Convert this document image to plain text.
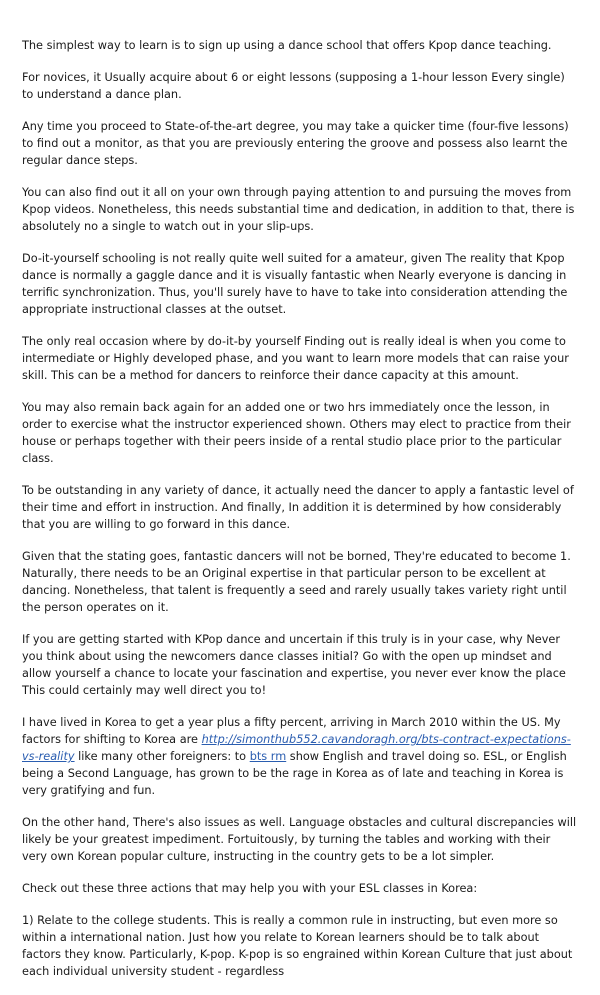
The simplest way to learn is to sign up using a dance school that offers Kpop dance teaching.

For novices, it Usually acquire about 6 or eight lessons (supposing a 1-hour lesson Every single) to understand a dance plan.

Any time you proceed to State-of-the-art degree, you may take a quicker time (four-five lessons) to find out a monitor, as that you are previously entering the groove and possess also learnt the regular dance steps.

You can also find out it all on your own through paying attention to and pursuing the moves from Kpop videos. Nonetheless, this needs substantial time and dedication, in addition to that, there is absolutely no a single to watch out in your slip-ups.

Do-it-yourself schooling is not really quite well suited for a amateur, given The reality that Kpop dance is normally a gaggle dance and it is visually fantastic when Nearly everyone is dancing in terrific synchronization. Thus, you'll surely have to have to take into consideration attending the appropriate instructional classes at the outset.

The only real occasion where by do-it-by yourself Finding out is really ideal is when you come to intermediate or Highly developed phase, and you want to learn more models that can raise your skill. This can be a method for dancers to reinforce their dance capacity at this amount.

You may also remain back again for an added one or two hrs immediately once the lesson, in order to exercise what the instructor experienced shown. Others may elect to practice from their house or perhaps together with their peers inside of a rental studio place prior to the particular class.

To be outstanding in any variety of dance, it actually need the dancer to apply a fantastic level of their time and effort in instruction. And finally, In addition it is determined by how considerably that you are willing to go forward in this dance.

Given that the stating goes, fantastic dancers will not be borned, They're educated to become 1. Naturally, there needs to be an Original expertise in that particular person to be excellent at dancing. Nonetheless, that talent is frequently a seed and rarely usually takes variety right until the person operates on it.

If you are getting started with KPop dance and uncertain if this truly is in your case, why Never you think about using the newcomers dance classes initial? Go with the open up mindset and allow yourself a chance to locate your fascination and expertise, you never ever know the place This could certainly may well direct you to!

I have lived in Korea to get a year plus a fifty percent, arriving in March 2010 within the US. My factors for shifting to Korea are http://simonthub552.cavandoragh.org/bts-contract-expectations-vs-reality like many other foreigners: to bts rm show English and travel doing so. ESL, or English being a Second Language, has grown to be the rage in Korea as of late and teaching in Korea is very gratifying and fun.

On the other hand, There's also issues as well. Language obstacles and cultural discrepancies will likely be your greatest impediment. Fortuitously, by turning the tables and working with their very own Korean popular culture, instructing in the country gets to be a lot simpler.

Check out these three actions that may help you with your ESL classes in Korea:

1) Relate to the college students. This is really a common rule in instructing, but even more so within a international nation. Just how you relate to Korean learners should be to talk about factors they know. Particularly, K-pop. K-pop is so engrained within Korean Culture that just about each individual university student - regardless
